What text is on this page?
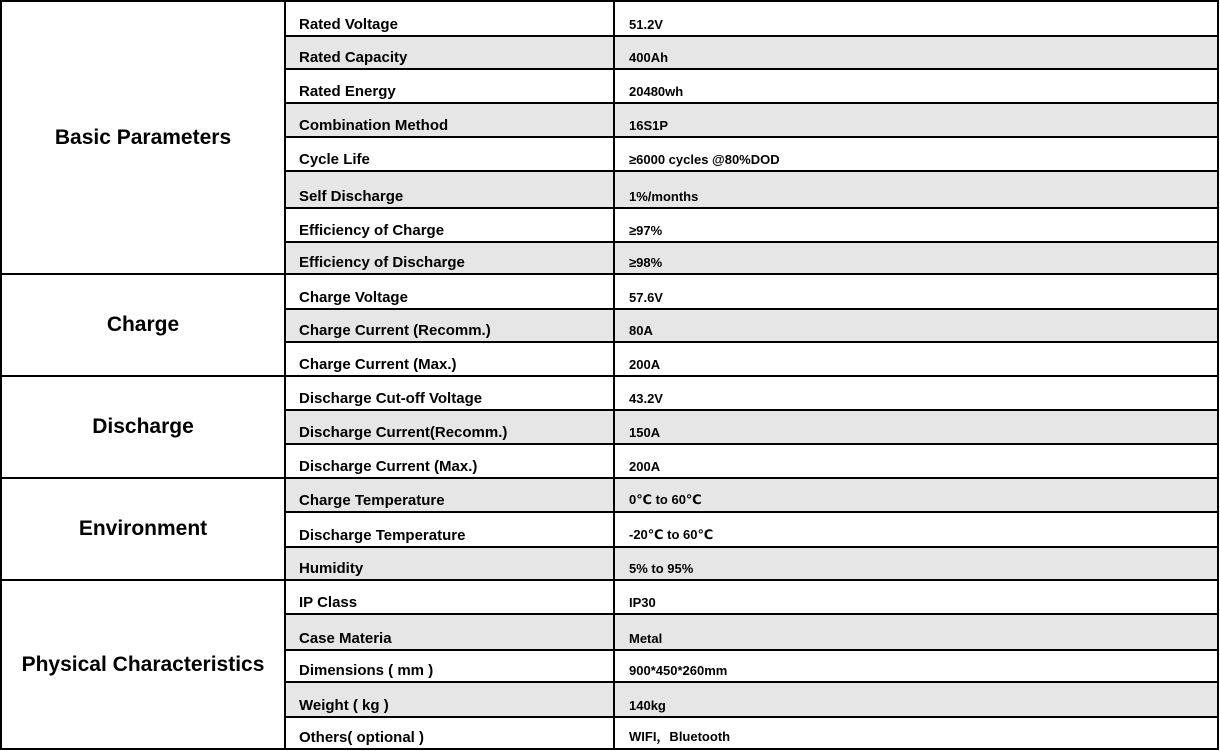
Basic Parameters	Rated Voltage	51.2V
	Rated Capacity	400Ah
	Rated Energy	20480wh
	Combination Method	16S1P
	Cycle Life	≥6000 cycles @80%DOD
	Self Discharge	1%/months
	Efficiency of Charge	≥97%
	Efficiency of Discharge	≥98%
Charge	Charge Voltage	57.6V
	Charge Current (Recomm.)	80A
	Charge Current (Max.)	200A
Discharge	Discharge Cut-off Voltage	43.2V
	Discharge Current(Recomm.)	150A
	Discharge Current (Max.)	200A
Environment	Charge Temperature	0℃ to 60℃
	Discharge Temperature	-20℃ to 60℃
	Humidity	5% to 95%
Physical Characteristics	IP Class	IP30
	Case Materia	Metal
	Dimensions ( mm )	900*450*260mm
	Weight ( kg )	140kg
	Others( optional )	WIFI，Bluetooth
